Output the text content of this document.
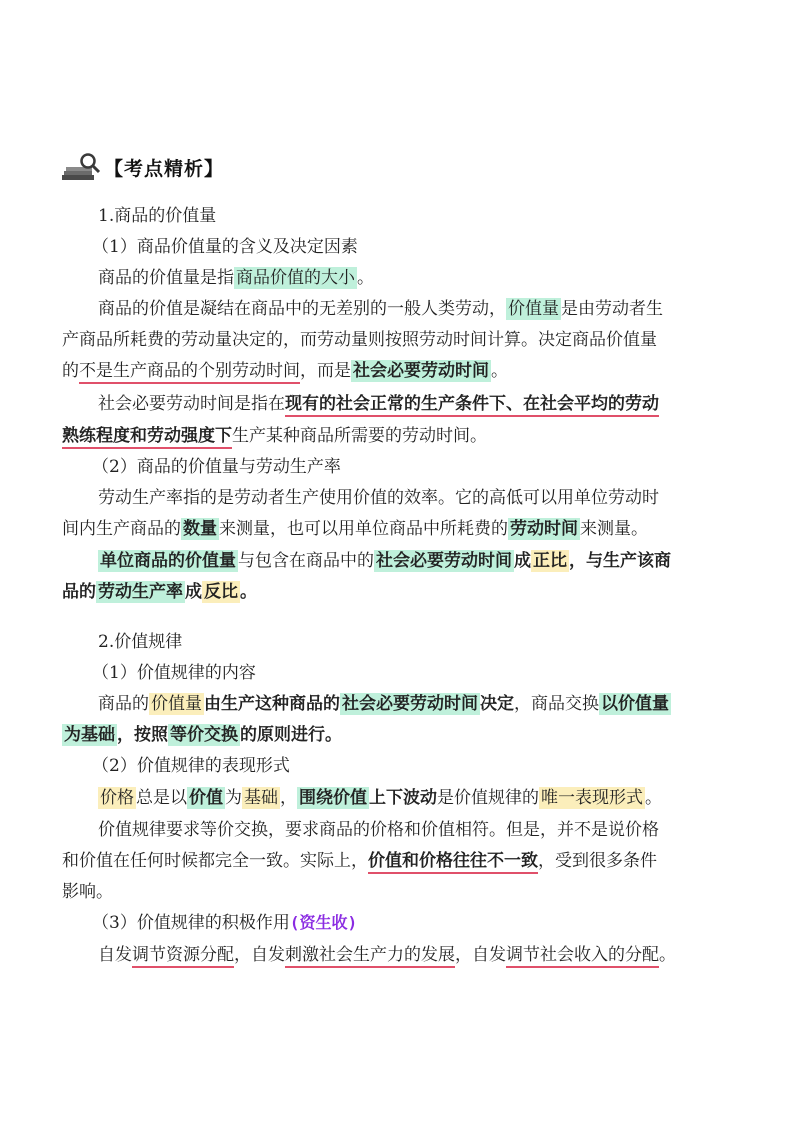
【考点精析】
1.商品的价值量
（1）商品价值量的含义及决定因素
商品的价值量是指 商品价值的大小 。
商品的价值是凝结在商品中的无差别的一般人类劳动， 价值量 是由劳动者生
产商品所耗费的劳动量决定的，而劳动量则按照劳动时间计算。决定商品价值量
的不是生产商品的个别劳动时间，而是 社会必要劳动时间 。
社会必要劳动时间是指在现有的社会正常的生产条件下、在社会平均的劳动
熟练程度和劳动强度下生产某种商品所需要的劳动时间。
（2）商品的价值量与劳动生产率
劳动生产率指的是劳动者生产使用价值的效率。它的高低可以用单位劳动时
间内生产商品的 数量 来测量，也可以用单位商品中所耗费的 劳动时间 来测量。
单位商品的价值量 与包含在商品中的 社会必要劳动时间 成 正比 ，与生产该商
品的 劳动生产率 成 反比 。
2.价值规律
（1）价值规律的内容
商品的 价值量 由生产这种商品的 社会必要劳动时间 决定，商品交换 以价值量
为基础 ，按照 等价交换 的原则进行。
（2）价值规律的表现形式
价格 总是以 价值 为 基础 ， 围绕价值 上下波动是价值规律的 唯一表现形式 。
价值规律要求等价交换，要求商品的价格和价值相符。但是，并不是说价格
和价值在任何时候都完全一致。实际上，价值和价格往往不一致，受到很多条件
影响。
（3）价值规律的积极作用(资生收)
自发调节资源分配，自发刺激社会生产力的发展，自发调节社会收入的分配。
